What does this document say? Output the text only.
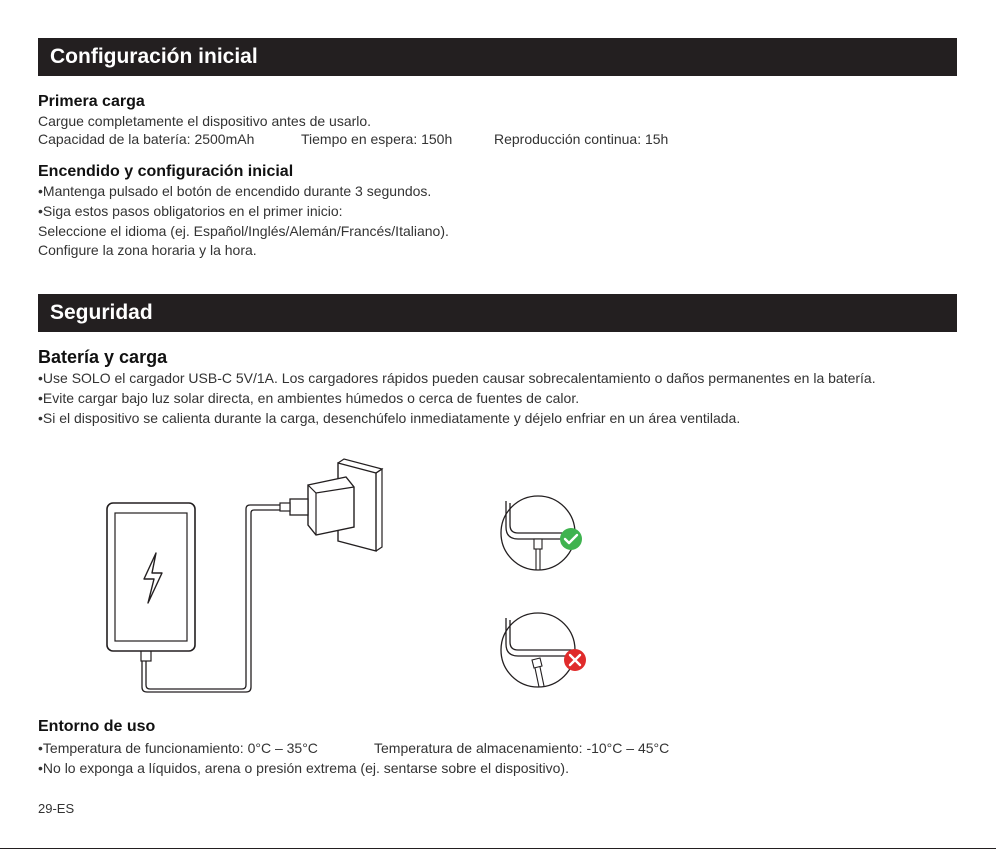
Configuración inicial
Primera carga
Cargue completamente el dispositivo antes de usarlo.
Capacidad de la batería: 2500mAh	Tiempo en espera: 150h	Reproducción continua: 15h
Encendido y configuración inicial
•Mantenga pulsado el botón de encendido durante 3 segundos.
•Siga estos pasos obligatorios en el primer inicio:
Seleccione el idioma (ej. Español/Inglés/Alemán/Francés/Italiano).
Configure la zona horaria y la hora.
Seguridad
Batería y carga
•Use SOLO el cargador USB-C 5V/1A. Los cargadores rápidos pueden causar sobrecalentamiento o daños permanentes en la batería.
•Evite cargar bajo luz solar directa, en ambientes húmedos o cerca de fuentes de calor.
•Si el dispositivo se calienta durante la carga, desenchúfelo inmediatamente y déjelo enfriar en un área ventilada.
Entorno de uso
•Temperatura de funcionamiento: 0°C – 35°C	Temperatura de almacenamiento: -10°C – 45°C
•No lo exponga a líquidos, arena o presión extrema (ej. sentarse sobre el dispositivo).
29-ES
